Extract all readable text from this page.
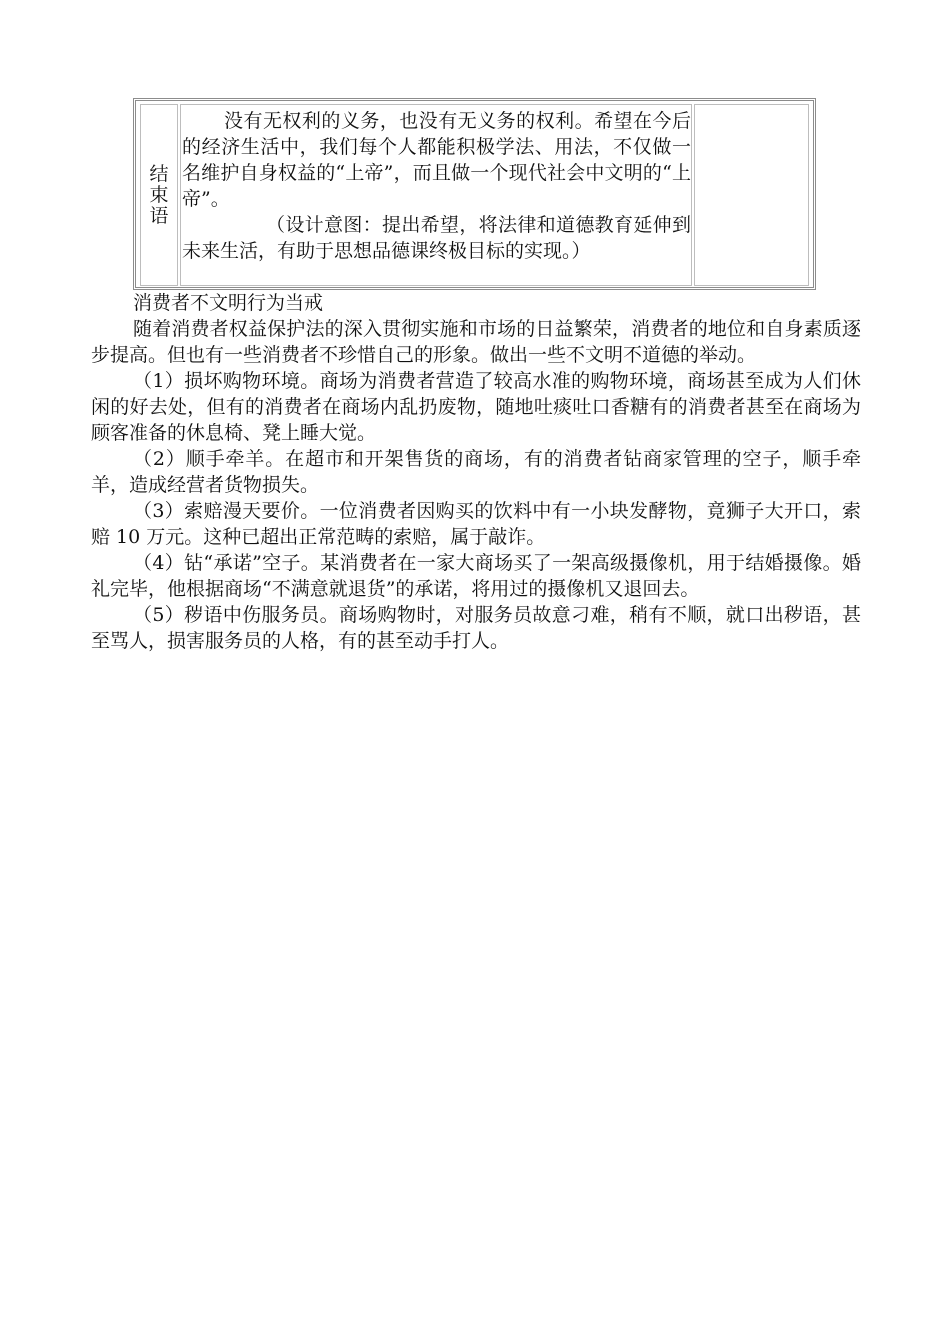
结束语

没有无权利的义务，也没有无义务的权利。希望在今后的经济生活中，我们每个人都能积极学法、用法，不仅做一名维护自身权益的“上帝”，而且做一个现代社会中文明的“上帝”。

（设计意图：提出希望，将法律和道德教育延伸到未来生活，有助于思想品德课终极目标的实现。）

消费者不文明行为当戒

随着消费者权益保护法的深入贯彻实施和市场的日益繁荣，消费者的地位和自身素质逐步提高。但也有一些消费者不珍惜自己的形象。做出一些不文明不道德的举动。

（1）损坏购物环境。商场为消费者营造了较高水准的购物环境，商场甚至成为人们休闲的好去处，但有的消费者在商场内乱扔废物，随地吐痰吐口香糖有的消费者甚至在商场为顾客准备的休息椅、凳上睡大觉。

（2）顺手牵羊。在超市和开架售货的商场，有的消费者钻商家管理的空子，顺手牵羊，造成经营者货物损失。

（3）索赔漫天要价。一位消费者因购买的饮料中有一小块发酵物，竟狮子大开口，索赔 10 万元。这种已超出正常范畴的索赔，属于敲诈。

（4）钻“承诺”空子。某消费者在一家大商场买了一架高级摄像机，用于结婚摄像。婚礼完毕，他根据商场“不满意就退货”的承诺，将用过的摄像机又退回去。

（5）秽语中伤服务员。商场购物时，对服务员故意刁难，稍有不顺，就口出秽语，甚至骂人，损害服务员的人格，有的甚至动手打人。
